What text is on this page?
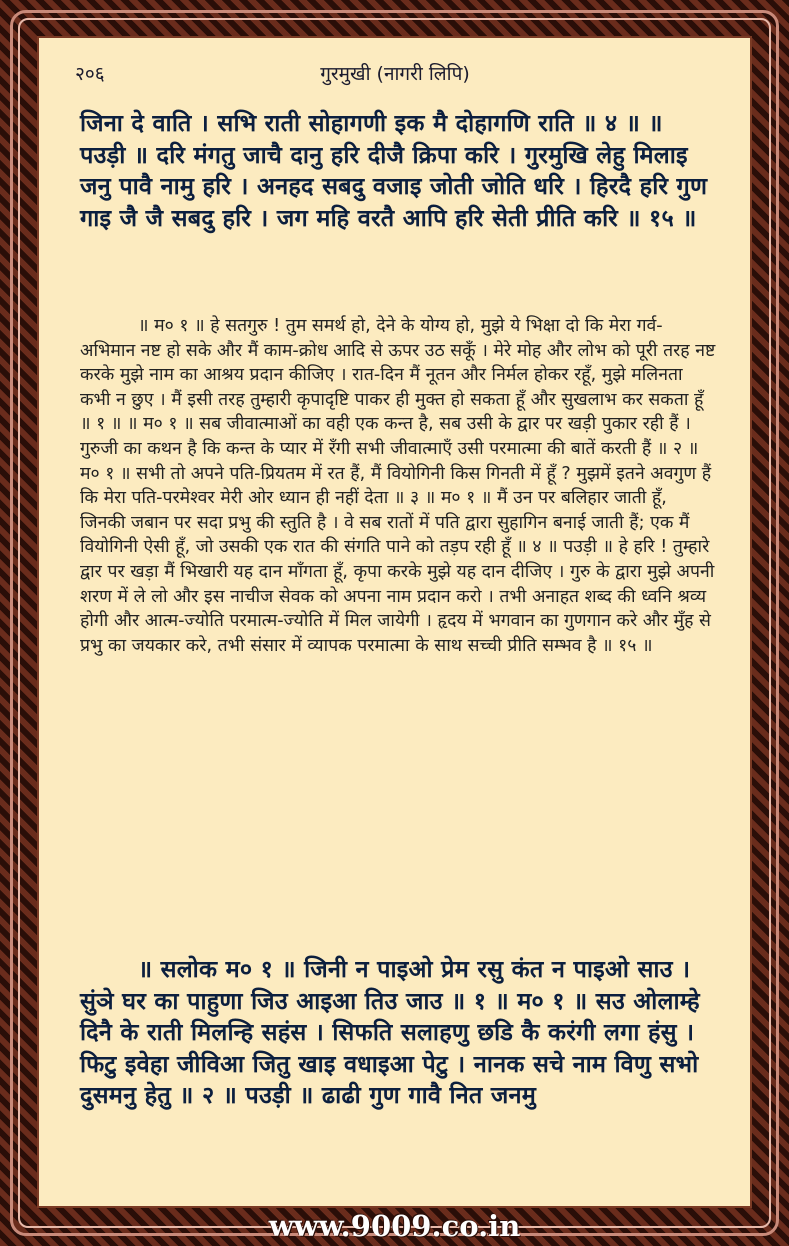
२०६	गुरमुखी (नागरी लिपि)

जिना दे वाति । सभि राती सोहागणी इक मै दोहागणि राति ॥ ४ ॥ ॥ पउड़ी ॥ दरि मंगतु जाचै दानु हरि दीजै क्रिपा करि । गुरमुखि लेहु मिलाइ जनु पावै नामु हरि । अनहद सबदु वजाइ जोती जोति धरि । हिरदै हरि गुण गाइ जै जै सबदु हरि । जग महि वरतै आपि हरि सेती प्रीति करि ॥ १५ ॥

॥ म० १ ॥ हे सतगुरु ! तुम समर्थ हो, देने के योग्य हो, मुझे ये भिक्षा दो कि मेरा गर्व-अभिमान नष्ट हो सके और मैं काम-क्रोध आदि से ऊपर उठ सकूँ । मेरे मोह और लोभ को पूरी तरह नष्ट करके मुझे नाम का आश्रय प्रदान कीजिए । रात-दिन मैं नूतन और निर्मल होकर रहूँ, मुझे मलिनता कभी न छुए । मैं इसी तरह तुम्हारी कृपादृष्टि पाकर ही मुक्त हो सकता हूँ और सुखलाभ कर सकता हूँ ॥ १ ॥ ॥ म० १ ॥ सब जीवात्माओं का वही एक कन्त है, सब उसी के द्वार पर खड़ी पुकार रही हैं । गुरुजी का कथन है कि कन्त के प्यार में रँगी सभी जीवात्माएँ उसी परमात्मा की बातें करती हैं ॥ २ ॥ म० १ ॥ सभी तो अपने पति-प्रियतम में रत हैं, मैं वियोगिनी किस गिनती में हूँ ? मुझमें इतने अवगुण हैं कि मेरा पति-परमेश्वर मेरी ओर ध्यान ही नहीं देता ॥ ३ ॥ म० १ ॥ मैं उन पर बलिहार जाती हूँ, जिनकी जबान पर सदा प्रभु की स्तुति है । वे सब रातों में पति द्वारा सुहागिन बनाई जाती हैं; एक मैं वियोगिनी ऐसी हूँ, जो उसकी एक रात की संगति पाने को तड़प रही हूँ ॥ ४ ॥ पउड़ी ॥ हे हरि ! तुम्हारे द्वार पर खड़ा मैं भिखारी यह दान माँगता हूँ, कृपा करके मुझे यह दान दीजिए । गुरु के द्वारा मुझे अपनी शरण में ले लो और इस नाचीज सेवक को अपना नाम प्रदान करो । तभी अनाहत शब्द की ध्वनि श्रव्य होगी और आत्म-ज्योति परमात्म-ज्योति में मिल जायेगी । हृदय में भगवान का गुणगान करे और मुँह से प्रभु का जयकार करे, तभी संसार में व्यापक परमात्मा के साथ सच्ची प्रीति सम्भव है ॥ १५ ॥

॥ सलोक म० १ ॥ जिनी न पाइओ प्रेम रसु कंत न पाइओ साउ । सुंञे घर का पाहुणा जिउ आइआ तिउ जाउ ॥ १ ॥ म० १ ॥ सउ ओलाम्हे दिनै के राती मिलन्हि सहंस । सिफति सलाहणु छडि कै करंगी लगा हंसु । फिटु इवेहा जीविआ जितु खाइ वधाइआ पेटु । नानक सचे नाम विणु सभो दुसमनु हेतु ॥ २ ॥ पउड़ी ॥ ढाढी गुण गावै नित जनमु

www.9009.co.in
